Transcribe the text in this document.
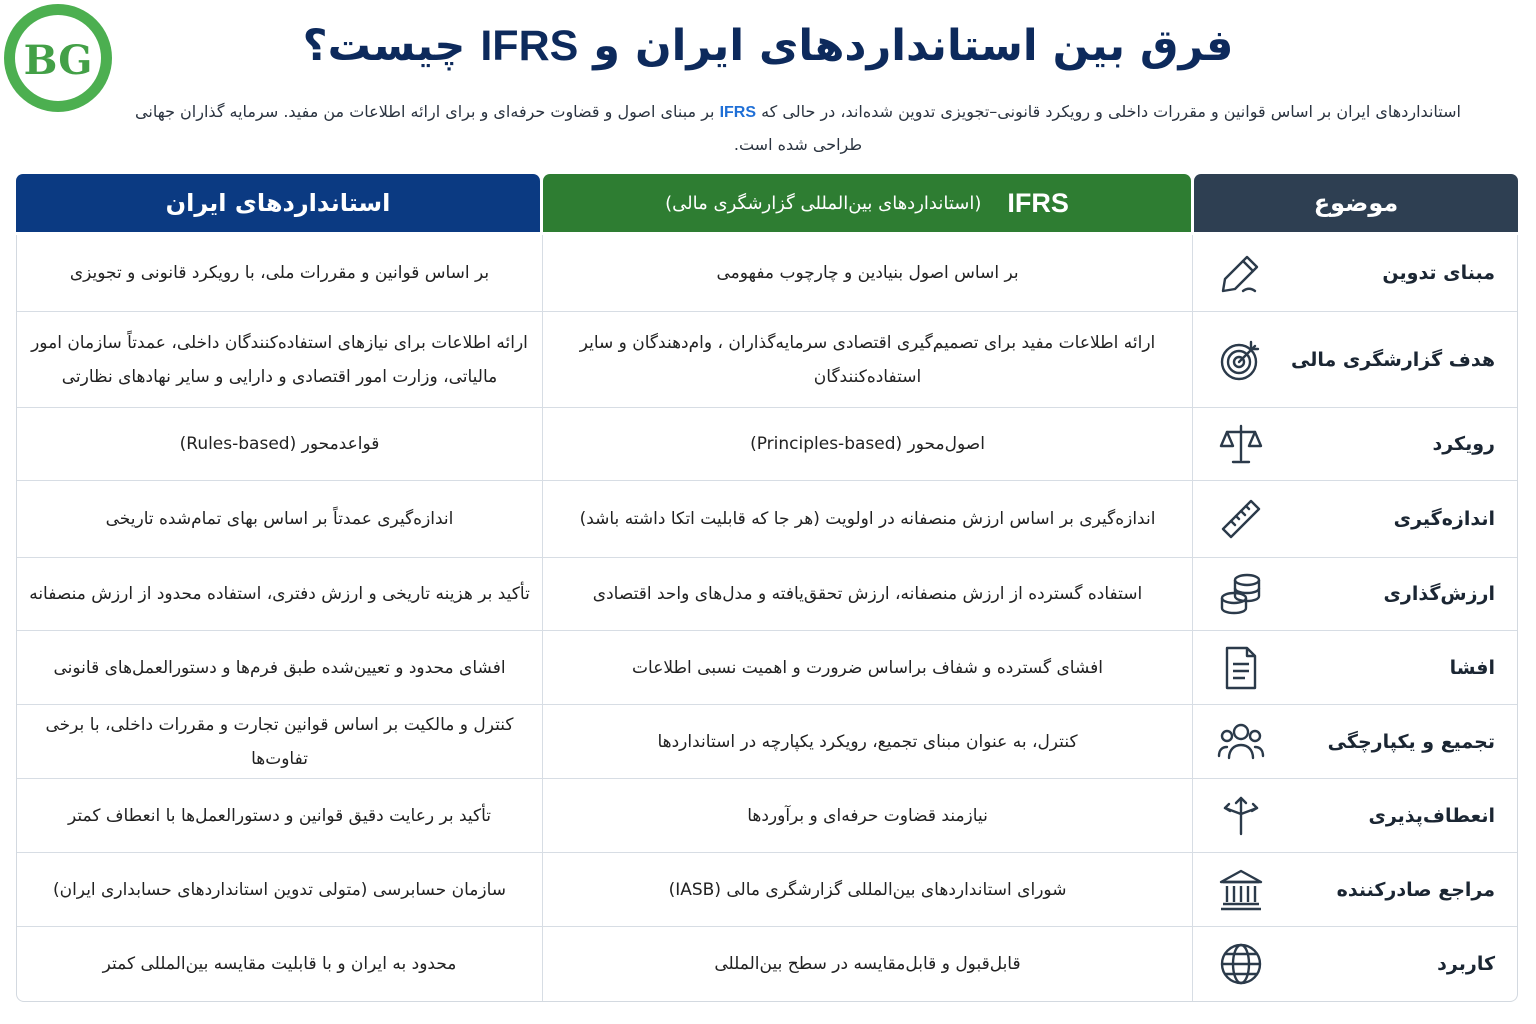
BG	فرق بین استانداردهای ایران و IFRS چیست؟

استانداردهای ایران بر اساس قوانین و مقررات داخلی و رویکرد قانونی–تجویزی تدوین شده‌اند، در حالی که IFRS بر مبنای اصول و قضاوت حرفه‌ای و برای ارائه اطلاعات من مفید. سرمایه گذاران جهانی طراحی شده است.

موضوع
IFRS
(استانداردهای بین‌المللی گزارشگری مالی)
استانداردهای ایران
مبنای تدوین
بر اساس اصول بنیادین و چارچوب مفهومی
بر اساس قوانین و مقررات ملی، با رویکرد قانونی و تجویزی
هدف گزارشگری مالی
ارائه اطلاعات مفید برای تصمیم‌گیری اقتصادی سرمایه‌گذاران ، وام‌دهندگان و سایر استفاده‌کنندگان
ارائه اطلاعات برای نیازهای استفاده‌کنندگان داخلی، عمدتاً سازمان امور مالیاتی، وزارت امور اقتصادی و دارایی و سایر نهادهای نظارتی
رویکرد
اصول‌محور (Principles-based)
قواعدمحور (Rules-based)
اندازه‌گیری
اندازه‌گیری بر اساس ارزش منصفانه در اولویت (هر جا که قابلیت اتکا داشته باشد)
اندازه‌گیری عمدتاً بر اساس بهای تمام‌شده تاریخی
ارزش‌گذاری
استفاده گسترده از ارزش منصفانه، ارزش تحقق‌یافته و مدل‌های واحد اقتصادی
تأکید بر هزینه تاریخی و ارزش دفتری، استفاده محدود از ارزش منصفانه
افشا
افشای گسترده و شفاف براساس ضرورت و اهمیت نسبی اطلاعات
افشای محدود و تعیین‌شده طبق فرم‌ها و دستورالعمل‌های قانونی
تجمیع و یکپارچگی
کنترل، به عنوان مبنای تجمیع، رویکرد یکپارچه در استانداردها
کنترل و مالکیت بر اساس قوانین تجارت و مقررات داخلی، با برخی تفاوت‌ها
انعطاف‌پذیری
نیازمند قضاوت حرفه‌ای و برآوردها
تأکید بر رعایت دقیق قوانین و دستورالعمل‌ها با انعطاف کمتر
مراجع صادرکننده
شورای استانداردهای بین‌المللی گزارشگری مالی (IASB)
سازمان حسابرسی (متولی تدوین استانداردهای حسابداری ایران)
کاربرد
قابل‌قبول و قابل‌مقایسه در سطح بین‌المللی
محدود به ایران و با قابلیت مقایسه بین‌المللی کمتر
